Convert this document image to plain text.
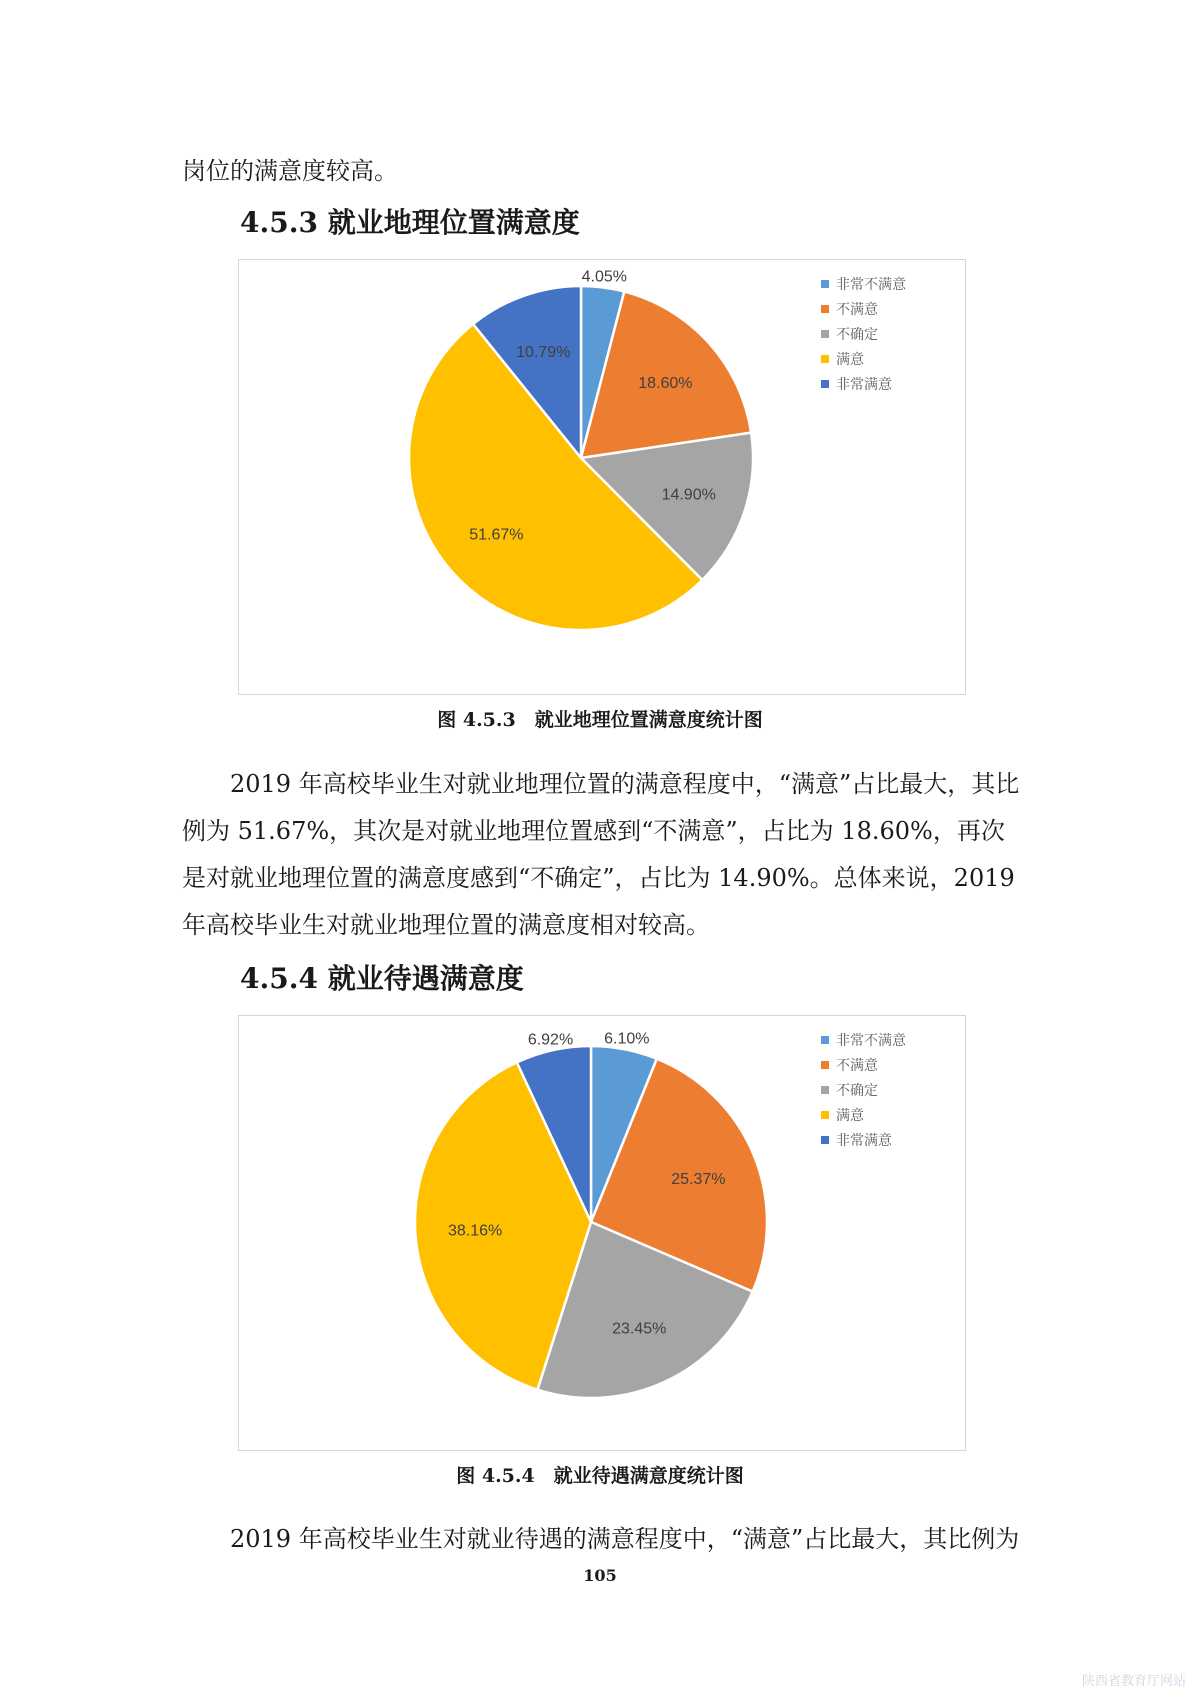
岗位的满意度较高。

4.5.3 就业地理位置满意度
4.05%
18.60%
14.90%
51.67%
10.79%
非常不满意
不满意
不确定
满意
非常满意

图 4.5.3　就业地理位置满意度统计图

2019 年高校毕业生对就业地理位置的满意程度中，“满意”占比最大，其比例为 51.67%，其次是对就业地理位置感到“不满意”，占比为 18.60%，再次是对就业地理位置的满意度感到“不确定”，占比为 14.90%。总体来说，2019 年高校毕业生对就业地理位置的满意度相对较高。

4.5.4 就业待遇满意度
6.10%
25.37%
23.45%
38.16%
6.92%	非常不满意
不满意
不确定
满意
非常满意

图 4.5.4　就业待遇满意度统计图

2019 年高校毕业生对就业待遇的满意程度中，“满意”占比最大，其比例为

105
陕西省教育厅网站
